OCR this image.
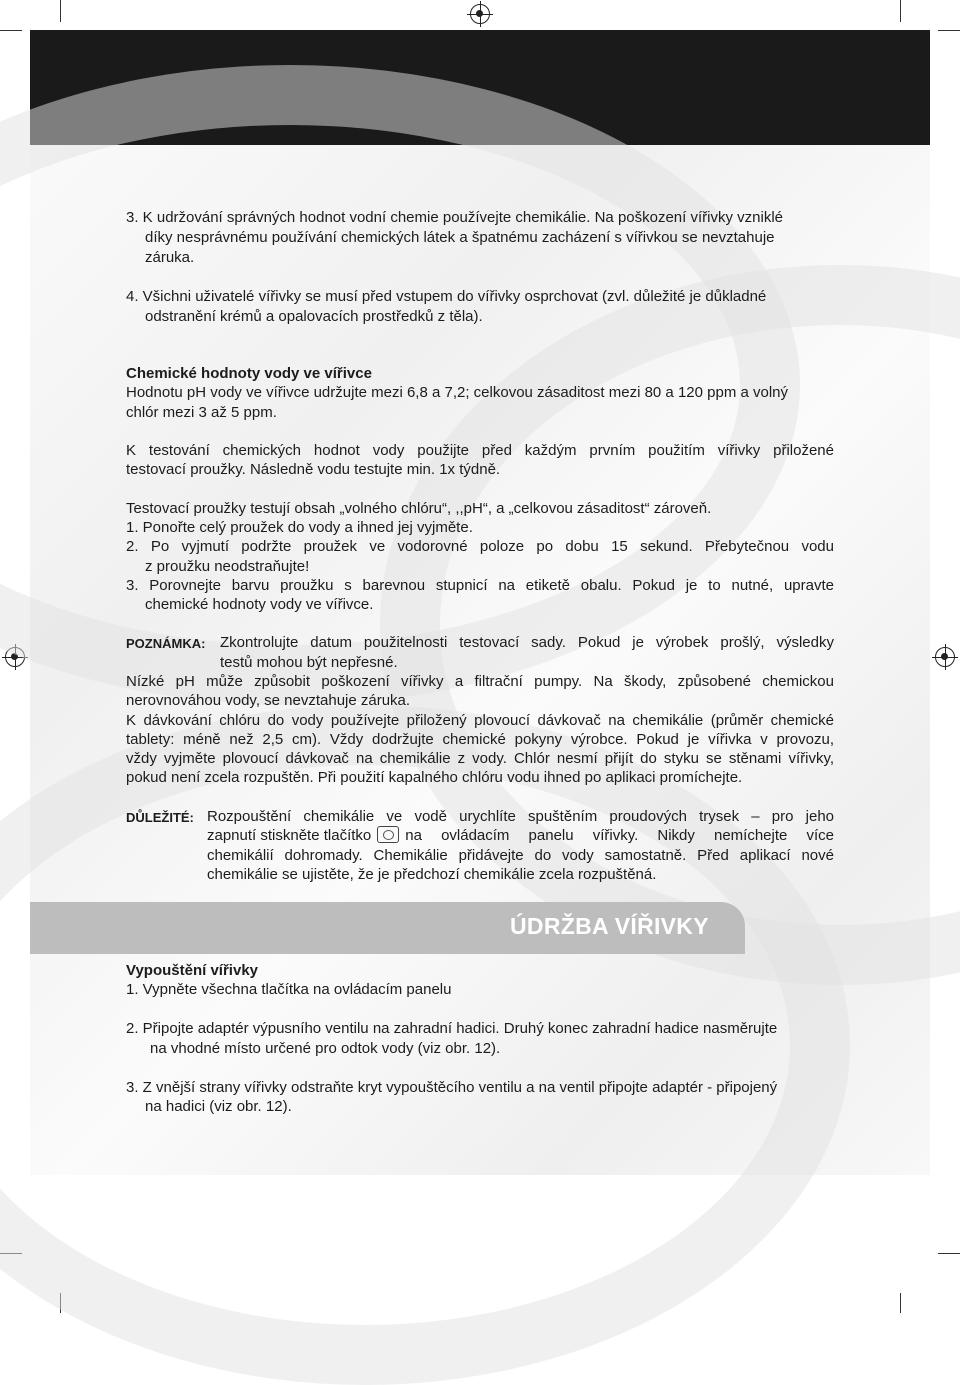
3. K udržování správných hodnot vodní chemie používejte chemikálie. Na poškození vířivky vzniklé
díky nesprávnému používání chemických látek a špatnému zacházení s vířivkou se nevztahuje
záruka.
4. Všichni uživatelé vířivky se musí před vstupem do vířivky osprchovat (zvl. důležité je důkladné
odstranění krémů a opalovacích prostředků z těla).
Chemické hodnoty vody ve vířivce
Hodnotu pH vody ve vířivce udržujte mezi 6,8 a 7,2; celkovou zásaditost mezi 80 a 120 ppm a volný
chlór mezi 3 až 5 ppm.
K testování chemických hodnot vody použijte před každým prvním použitím vířivky přiložené
testovací proužky. Následně vodu testujte min. 1x týdně.
Testovací proužky testují obsah „volného chlóru“, ,,pH“, a „celkovou zásaditost“ zároveň.
1. Ponořte celý proužek do vody a ihned jej vyjměte.
2. Po vyjmutí podržte proužek ve vodorovné poloze po dobu 15 sekund. Přebytečnou vodu
z proužku neodstraňujte!
3. Porovnejte barvu proužku s barevnou stupnicí na etiketě obalu. Pokud je to nutné, upravte
chemické hodnoty vody ve vířivce.
POZNÁMKA: Zkontrolujte datum použitelnosti testovací sady. Pokud je výrobek prošlý, výsledky
testů mohou být nepřesné.
Nízké pH může způsobit poškození vířivky a filtrační pumpy. Na škody, způsobené chemickou
nerovnováhou vody, se nevztahuje záruka.
K dávkování chlóru do vody používejte přiložený plovoucí dávkovač na chemikálie (průměr chemické
tablety: méně než 2,5 cm). Vždy dodržujte chemické pokyny výrobce. Pokud je vířivka v provozu,
vždy vyjměte plovoucí dávkovač na chemikálie z vody. Chlór nesmí přijít do styku se stěnami vířivky,
pokud není zcela rozpuštěn. Při použití kapalného chlóru vodu ihned po aplikaci promíchejte.
DŮLEŽITÉ: Rozpouštění chemikálie ve vodě urychlíte spuštěním proudových trysek – pro jeho
zapnutí stiskněte tlačítko na ovládacím panelu vířivky. Nikdy nemíchejte více
chemikálií dohromady. Chemikálie přidávejte do vody samostatně. Před aplikací nové
chemikálie se ujistěte, že je předchozí chemikálie zcela rozpuštěná.
ÚDRŽBA VÍŘIVKY
Vypouštění vířivky
1. Vypněte všechna tlačítka na ovládacím panelu
2. Připojte adaptér výpusního ventilu na zahradní hadici. Druhý konec zahradní hadice nasměrujte
na vhodné místo určené pro odtok vody (viz obr. 12).
3. Z vnější strany vířivky odstraňte kryt vypouštěcího ventilu a na ventil připojte adaptér - připojený
na hadici (viz obr. 12).
